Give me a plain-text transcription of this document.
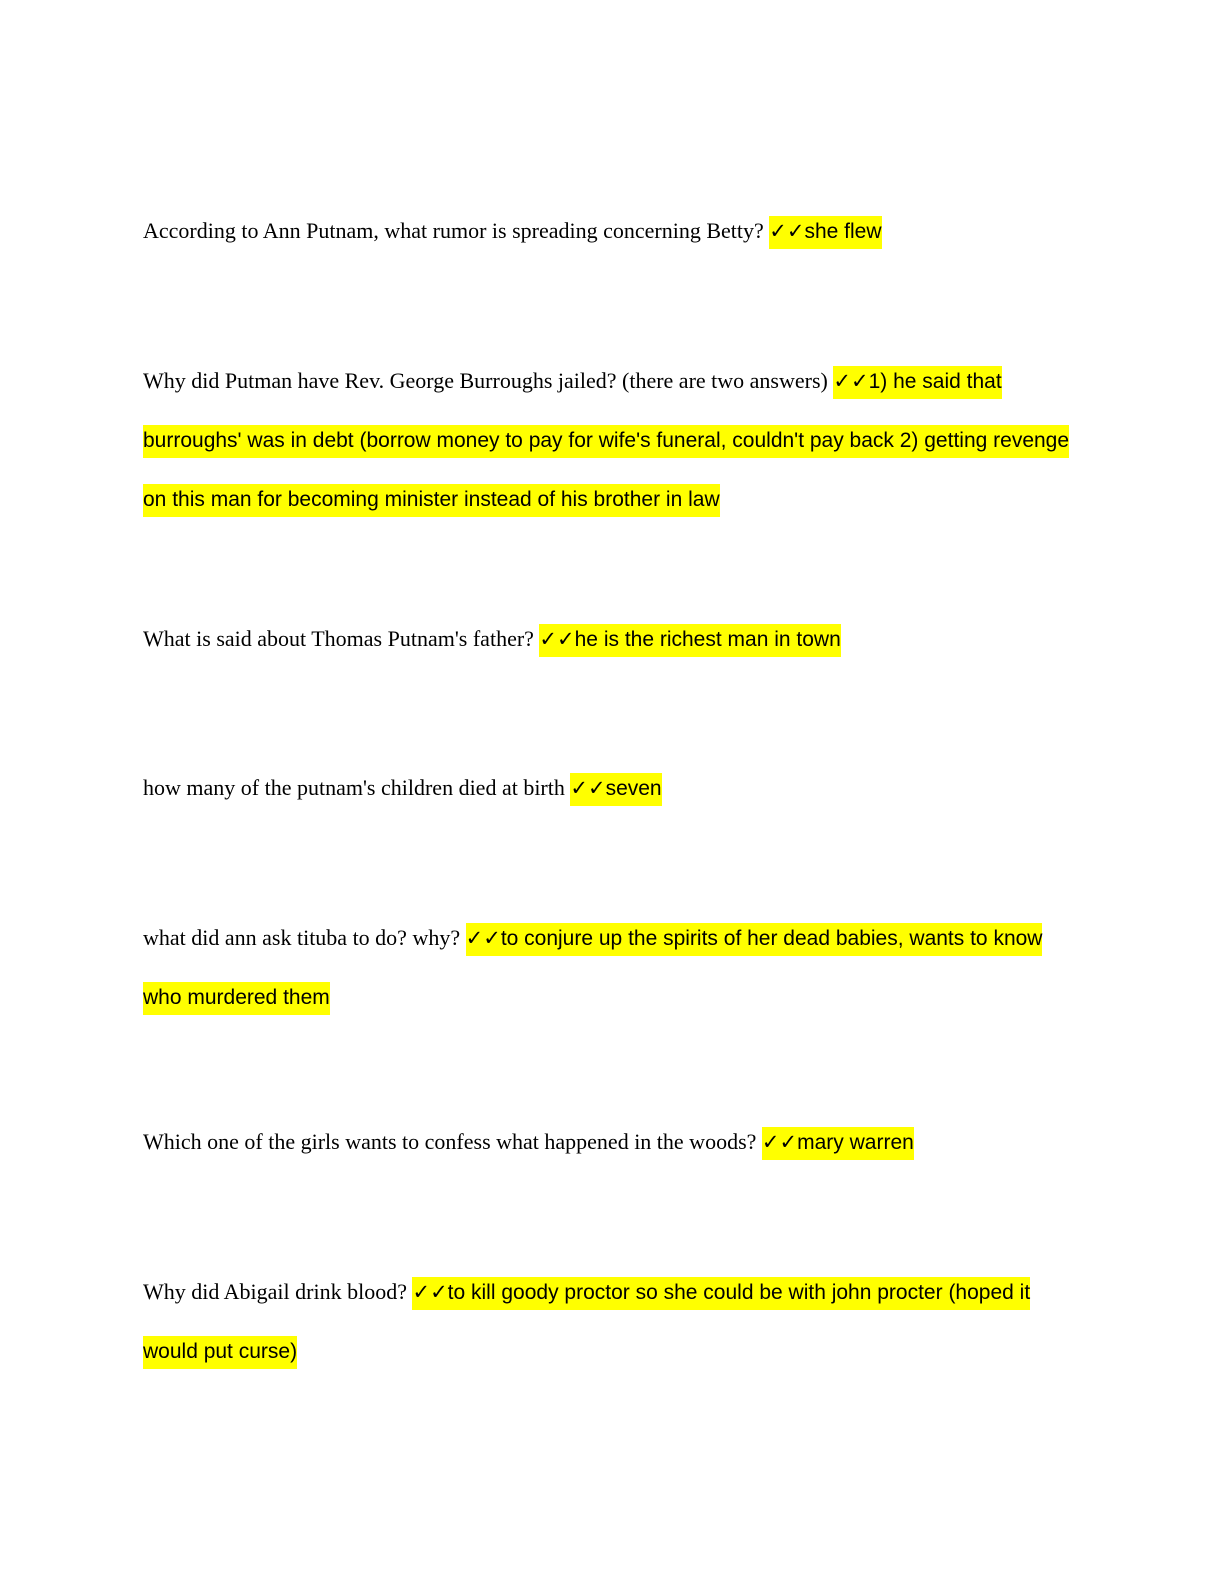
According to Ann Putnam, what rumor is spreading concerning Betty? ✓✓she flew

Why did Putman have Rev. George Burroughs jailed? (there are two answers) ✓✓1) he said that burroughs' was in debt (borrow money to pay for wife's funeral, couldn't pay back 2) getting revenge on this man for becoming minister instead of his brother in law

What is said about Thomas Putnam's father? ✓✓he is the richest man in town

how many of the putnam's children died at birth ✓✓seven

what did ann ask tituba to do? why? ✓✓to conjure up the spirits of her dead babies, wants to know who murdered them

Which one of the girls wants to confess what happened in the woods? ✓✓mary warren

Why did Abigail drink blood? ✓✓to kill goody proctor so she could be with john procter (hoped it would put curse)
